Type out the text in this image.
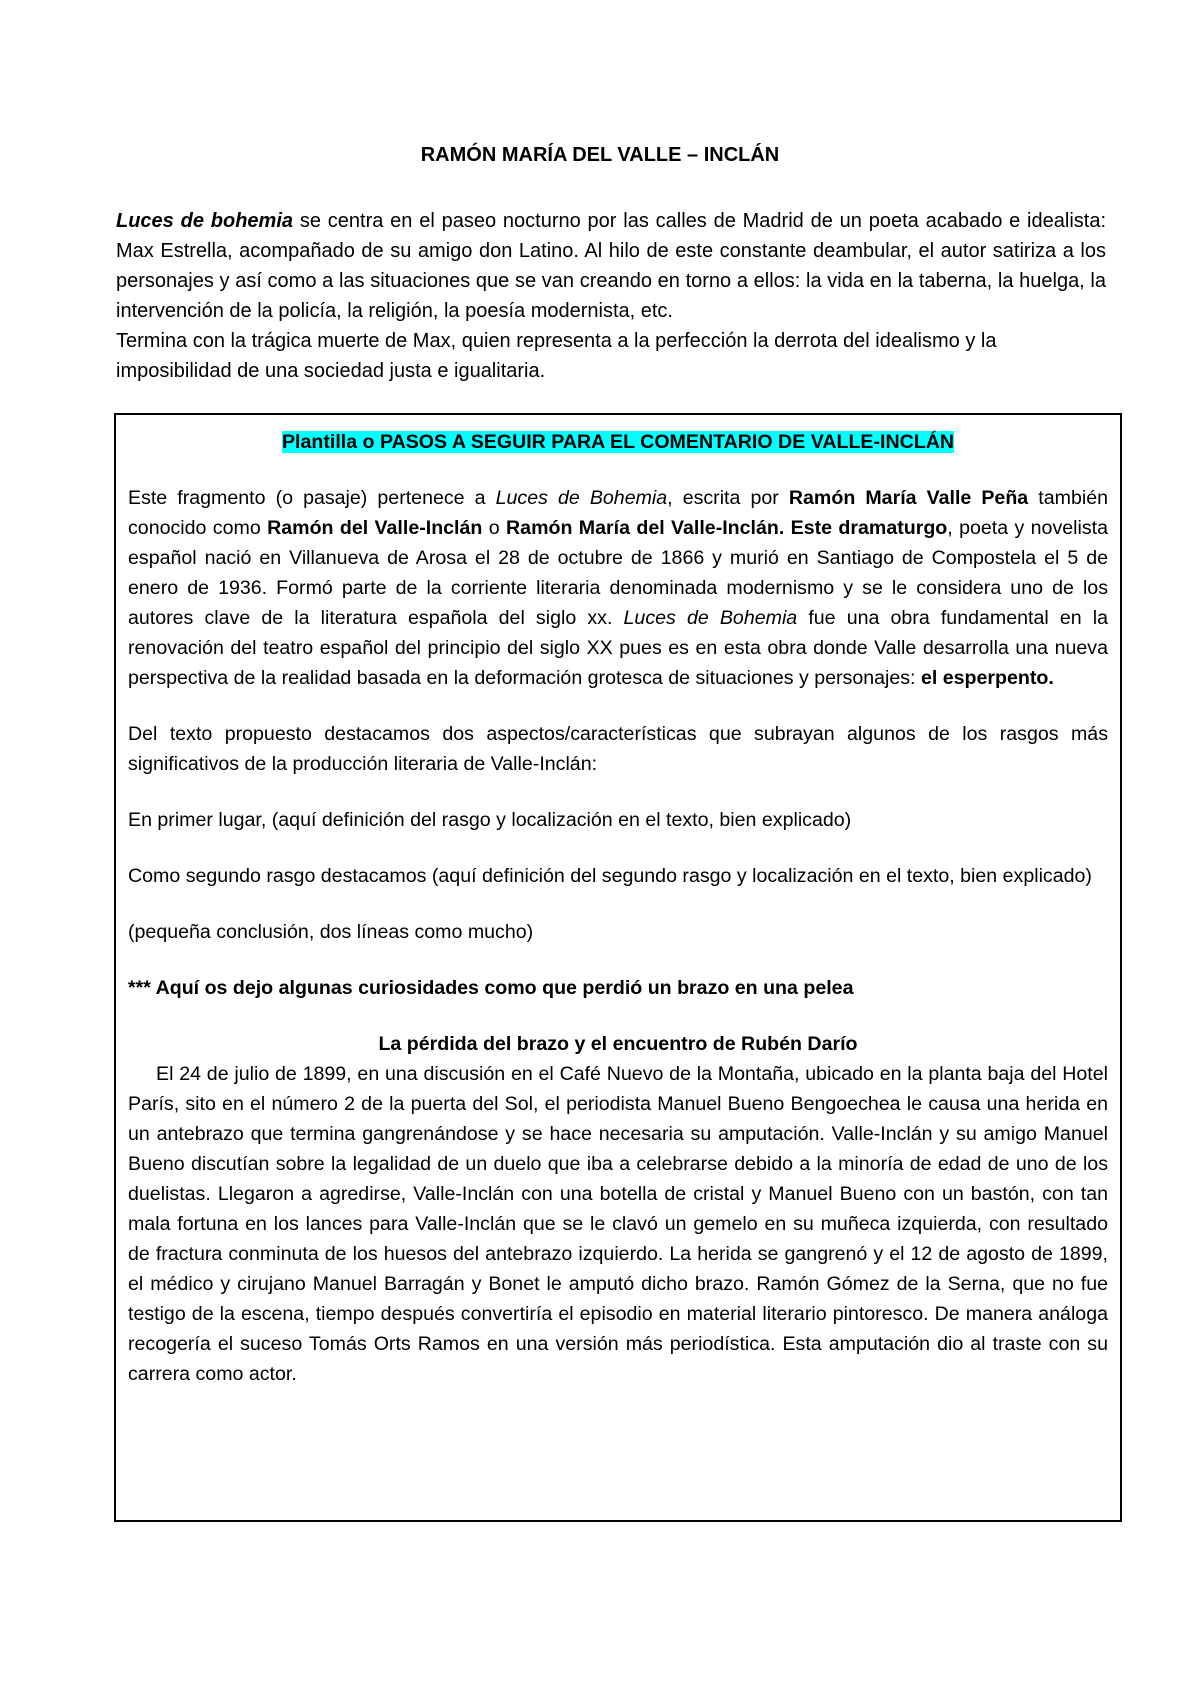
RAMÓN MARÍA DEL VALLE – INCLÁN

Luces de bohemia se centra en el paseo nocturno por las calles de Madrid de un poeta acabado e idealista: Max Estrella, acompañado de su amigo don Latino. Al hilo de este constante deambular, el autor satiriza a los personajes y así como a las situaciones que se van creando en torno a ellos: la vida en la taberna, la huelga, la intervención de la policía, la religión, la poesía modernista, etc.

Termina con la trágica muerte de Max, quien representa a la perfección la derrota del idealismo y la imposibilidad de una sociedad justa e igualitaria.

Plantilla o PASOS A SEGUIR PARA EL COMENTARIO DE VALLE-INCLÁN

Este fragmento (o pasaje) pertenece a Luces de Bohemia, escrita por Ramón María Valle Peña también conocido como Ramón del Valle-Inclán o Ramón María del Valle-Inclán. Este dramaturgo, poeta y novelista español nació en Villanueva de Arosa el 28 de octubre de 1866 y murió en Santiago de Compostela el 5 de enero de 1936. Formó parte de la corriente literaria denominada modernismo y se le considera uno de los autores clave de la literatura española del siglo xx. Luces de Bohemia fue una obra fundamental en la renovación del teatro español del principio del siglo XX pues es en esta obra donde Valle desarrolla una nueva perspectiva de la realidad basada en la deformación grotesca de situaciones y personajes: el esperpento.

Del texto propuesto destacamos dos aspectos/características que subrayan algunos de los rasgos más significativos de la producción literaria de Valle-Inclán:

En primer lugar, (aquí definición del rasgo y localización en el texto, bien explicado)

Como segundo rasgo destacamos (aquí definición del segundo rasgo y localización en el texto, bien explicado)

(pequeña conclusión, dos líneas como mucho)

*** Aquí os dejo algunas curiosidades como que perdió un brazo en una pelea

La pérdida del brazo y el encuentro de Rubén Darío

El 24 de julio de 1899, en una discusión en el Café Nuevo de la Montaña, ubicado en la planta baja del Hotel París, sito en el número 2 de la puerta del Sol, el periodista Manuel Bueno Bengoechea le causa una herida en un antebrazo que termina gangrenándose y se hace necesaria su amputación. Valle-Inclán y su amigo Manuel Bueno discutían sobre la legalidad de un duelo que iba a celebrarse debido a la minoría de edad de uno de los duelistas. Llegaron a agredirse, Valle-Inclán con una botella de cristal y Manuel Bueno con un bastón, con tan mala fortuna en los lances para Valle-Inclán que se le clavó un gemelo en su muñeca izquierda, con resultado de fractura conminuta de los huesos del antebrazo izquierdo. La herida se gangrenó y el 12 de agosto de 1899, el médico y cirujano Manuel Barragán y Bonet le amputó dicho brazo. Ramón Gómez de la Serna, que no fue testigo de la escena, tiempo después convertiría el episodio en material literario pintoresco. De manera análoga recogería el suceso Tomás Orts Ramos en una versión más periodística. Esta amputación dio al traste con su carrera como actor.
